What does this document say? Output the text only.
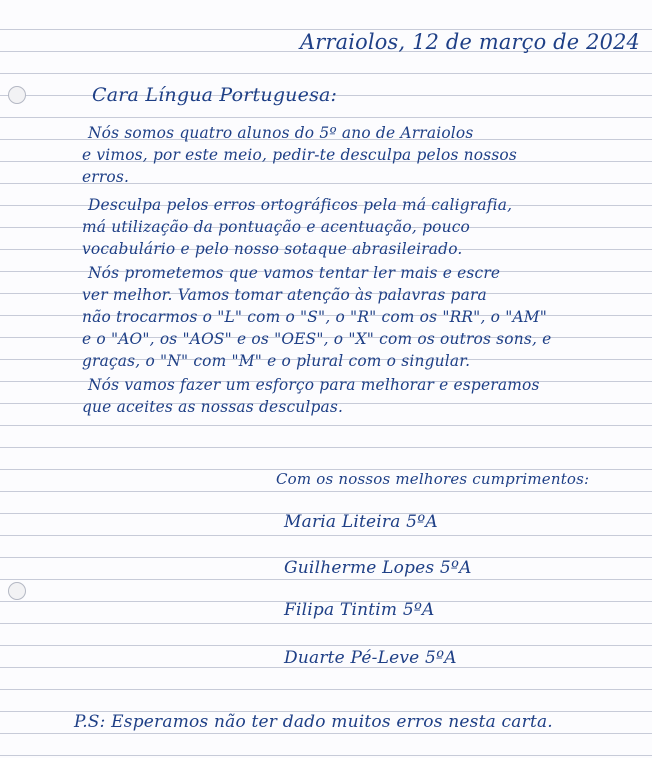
Arraiolos, 12 de março de 2024
Cara Língua Portuguesa:
Nós somos quatro alunos do 5º ano de Arraiolos
e vimos, por este meio, pedir-te desculpa pelos nossos
erros.
Desculpa pelos erros ortográficos pela má caligrafia,
má utilização da pontuação e acentuação, pouco
vocabulário e pelo nosso sotaque abrasileirado.
Nós prometemos que vamos tentar ler mais e escre
ver melhor. Vamos tomar atenção às palavras para
não trocarmos o "L" com o "S", o "R" com os "RR", o "AM"
e o "AO", os "AOS" e os "OES", o "X" com os outros sons, e
graças, o "N" com "M" e o plural com o singular.
Nós vamos fazer um esforço para melhorar e esperamos
que aceites as nossas desculpas.
Com os nossos melhores cumprimentos:
Maria Liteira 5ºA
Guilherme Lopes 5ºA
Filipa Tintim 5ºA
Duarte Pé-Leve 5ºA
P.S: Esperamos não ter dado muitos erros nesta carta.
